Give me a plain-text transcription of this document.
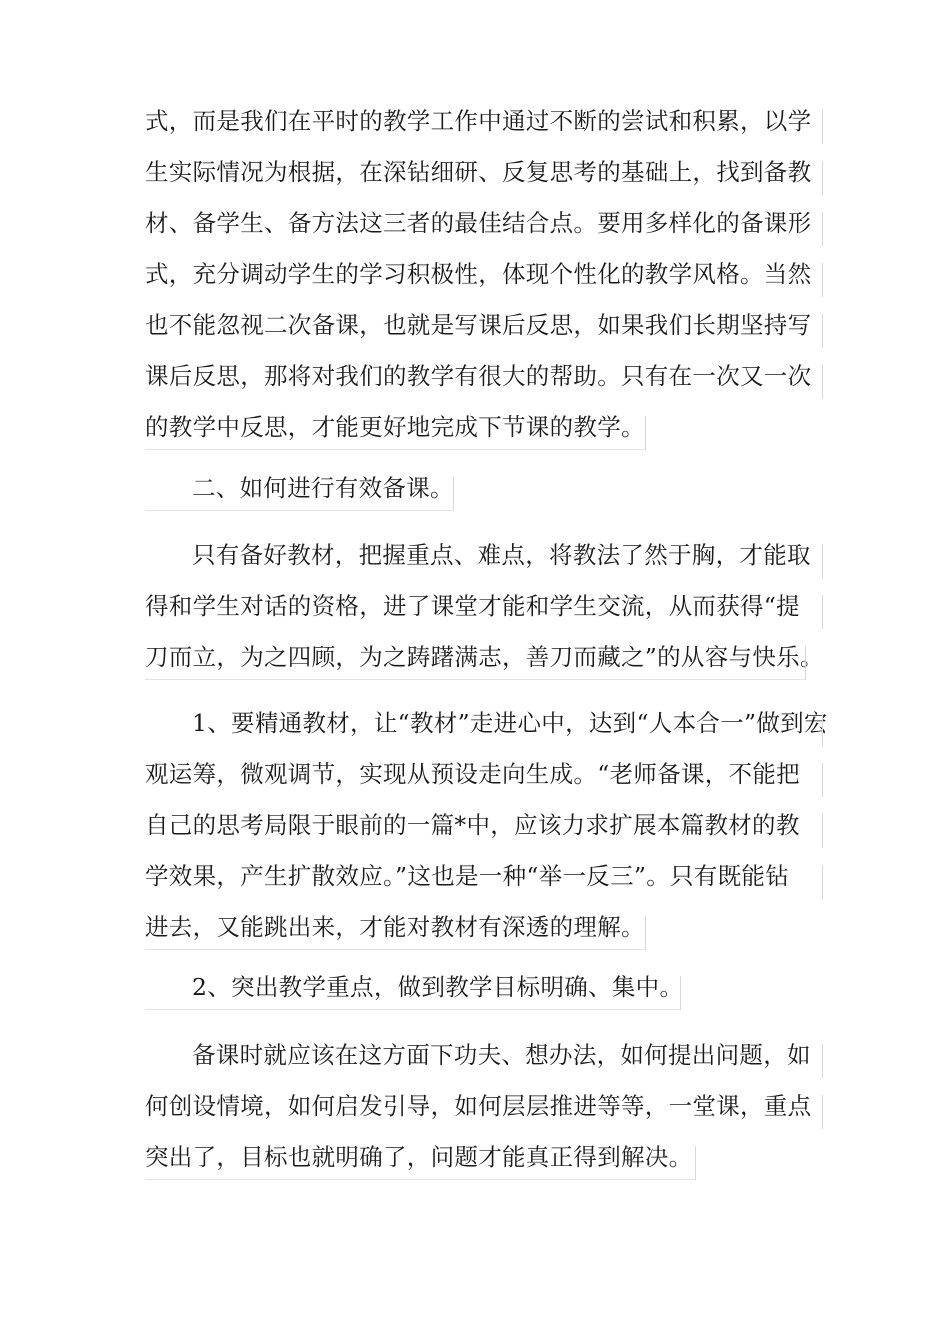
式，而是我们在平时的教学工作中通过不断的尝试和积累，以学
生实际情况为根据，在深钻细研、反复思考的基础上，找到备教
材、备学生、备方法这三者的最佳结合点。要用多样化的备课形
式，充分调动学生的学习积极性，体现个性化的教学风格。当然
也不能忽视二次备课，也就是写课后反思，如果我们长期坚持写
课后反思，那将对我们的教学有很大的帮助。只有在一次又一次
的教学中反思，才能更好地完成下节课的教学。
二、如何进行有效备课。
只有备好教材，把握重点、难点，将教法了然于胸，才能取
得和学生对话的资格，进了课堂才能和学生交流，从而获得“提
刀而立，为之四顾，为之踌躇满志，善刀而藏之”的从容与快乐。
1、要精通教材，让“教材”走进心中，达到“人本合一”做到宏
观运筹，微观调节，实现从预设走向生成。“老师备课，不能把
自己的思考局限于眼前的一篇*中，应该力求扩展本篇教材的教
学效果，产生扩散效应。”这也是一种“举一反三”。只有既能钻
进去，又能跳出来，才能对教材有深透的理解。
2、突出教学重点，做到教学目标明确、集中。
备课时就应该在这方面下功夫、想办法，如何提出问题，如
何创设情境，如何启发引导，如何层层推进等等，一堂课，重点
突出了，目标也就明确了，问题才能真正得到解决。
